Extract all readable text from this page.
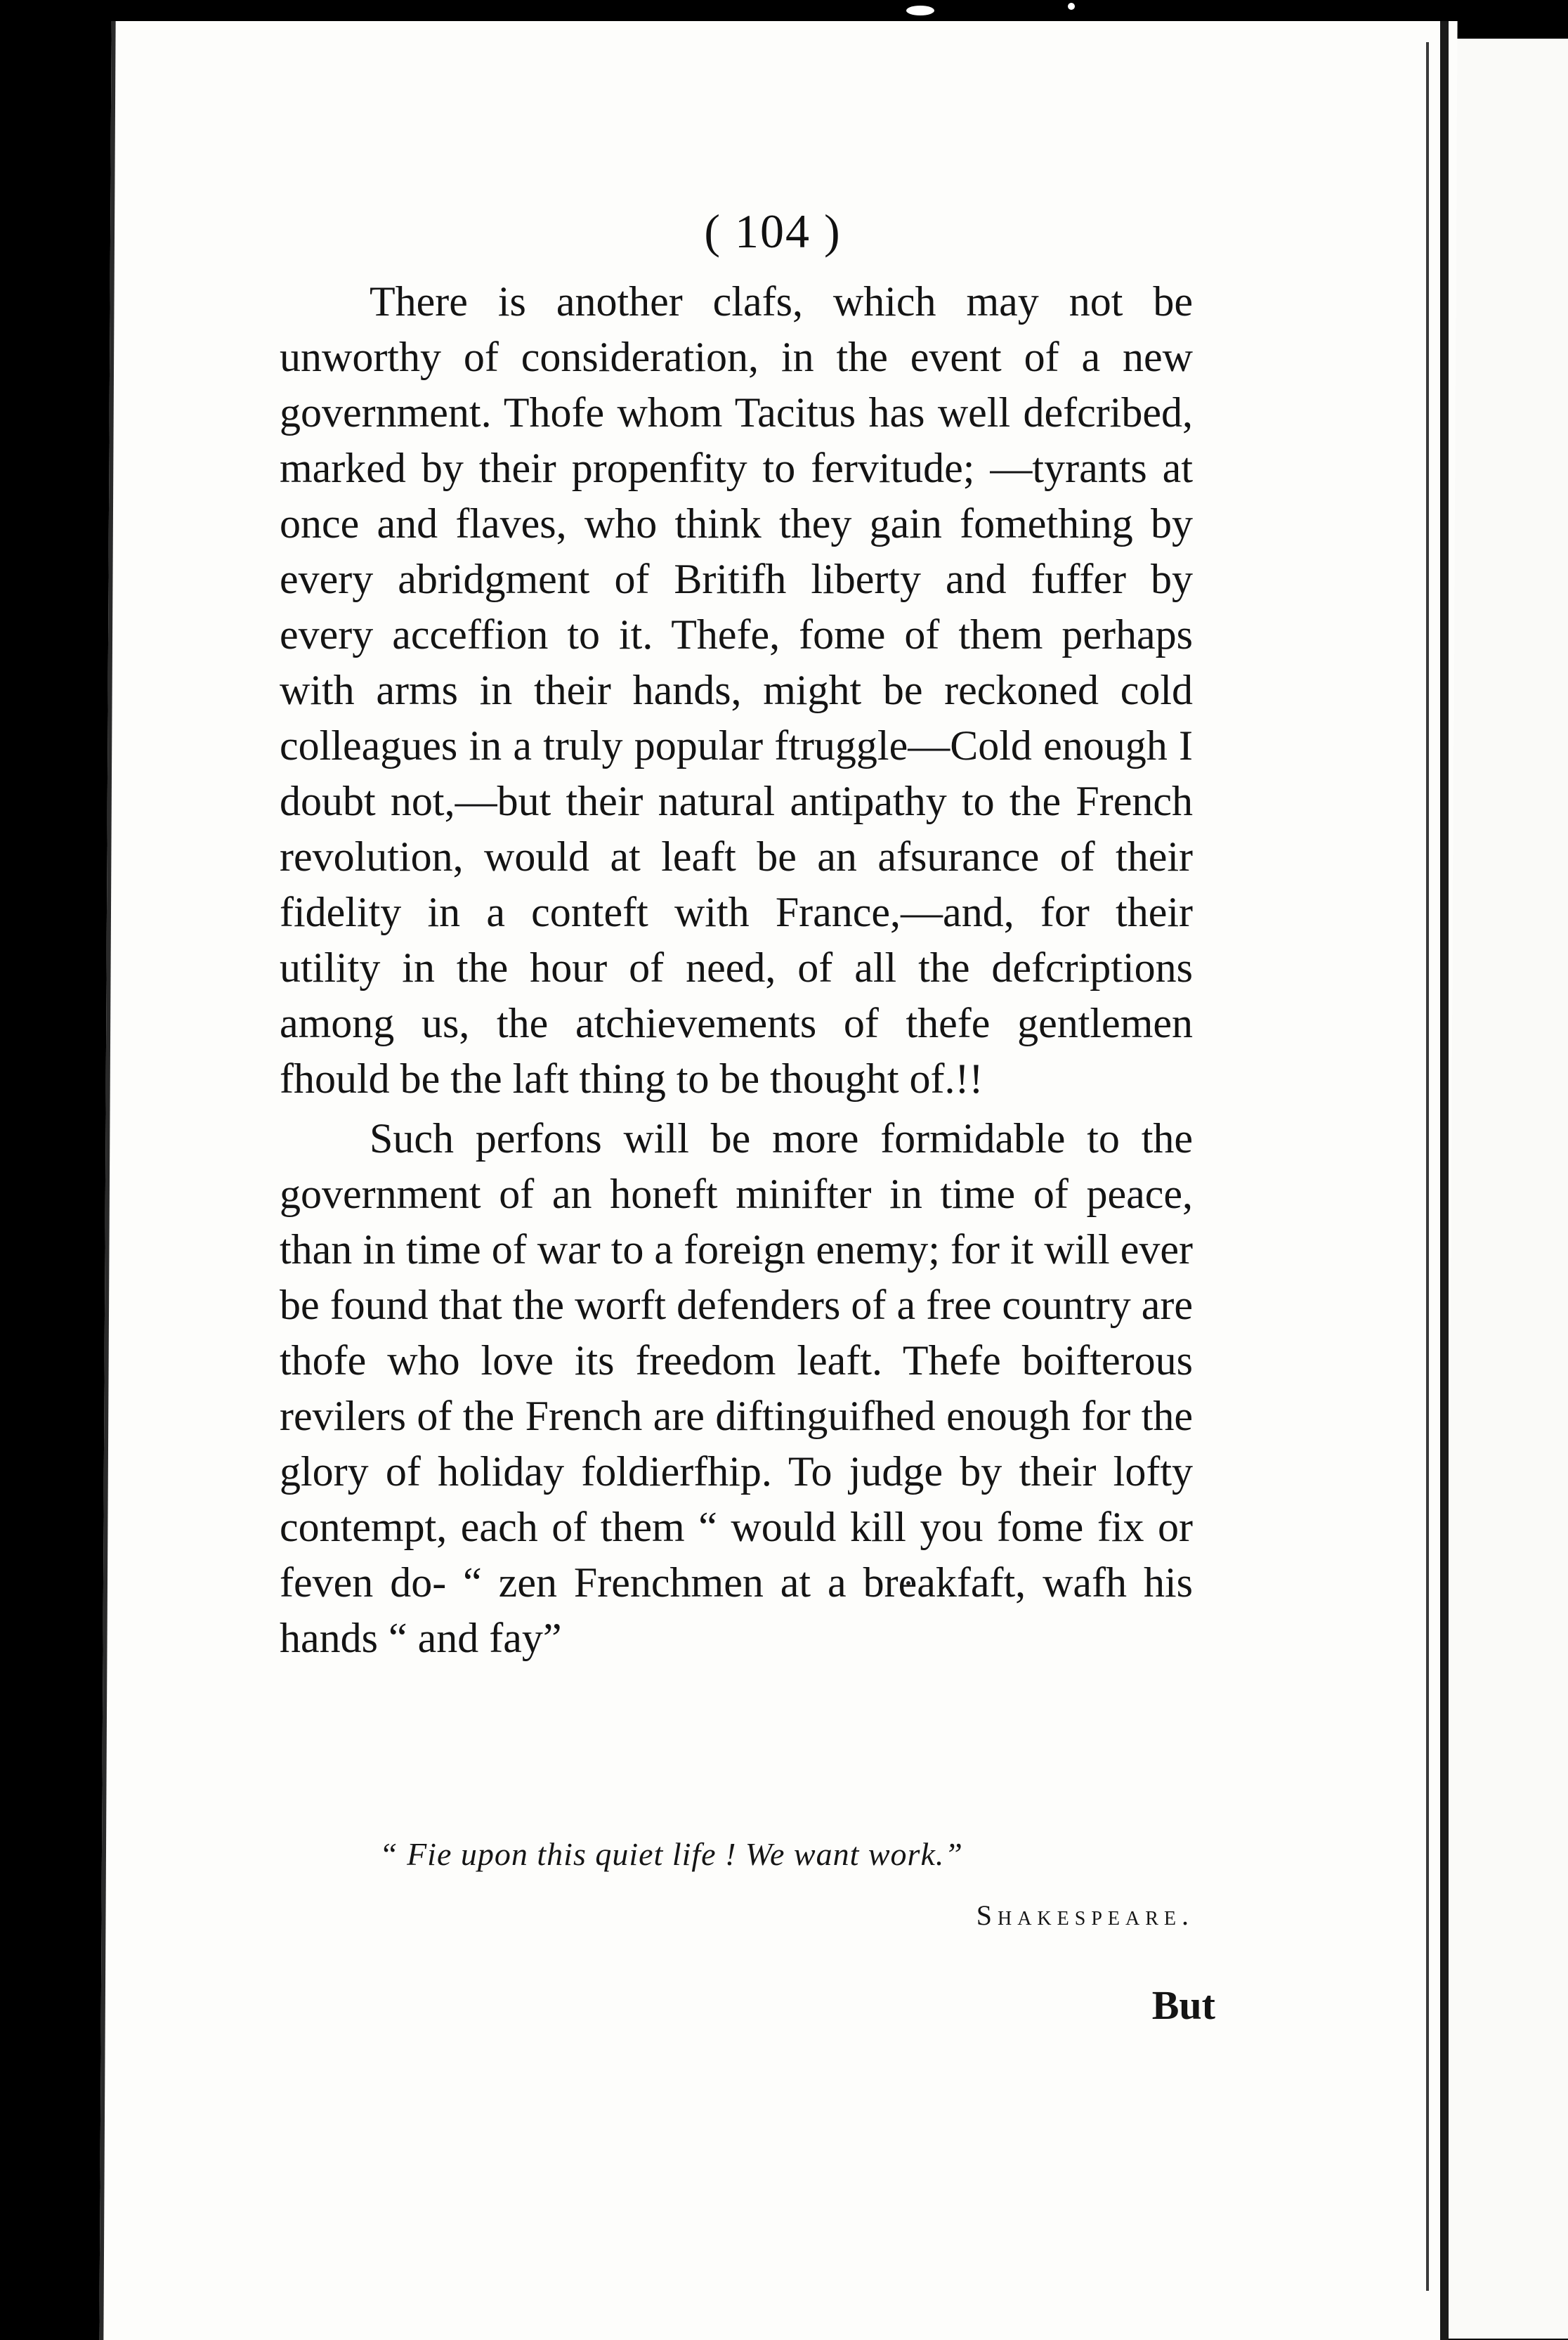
( 104 )

There is another clafs, which may not be unworthy of consideration, in the event of a new government. Thofe whom Tacitus has well defcribed, marked by their propenfity to fervitude; —tyrants at once and flaves, who think they gain fomething by every abridgment of Britifh liberty and fuffer by every acceffion to it. Thefe, fome of them perhaps with arms in their hands, might be reckoned cold colleagues in a truly popular ftruggle—Cold enough I doubt not,—but their natural antipathy to the French revolution, would at leaft be an afsurance of their fidelity in a conteft with France,—and, for their utility in the hour of need, of all the defcriptions among us, the atchievements of thefe gentlemen fhould be the laft thing to be thought of.!!

Such perfons will be more formidable to the government of an honeft minifter in time of peace, than in time of war to a foreign enemy; for it will ever be found that the worft defenders of a free country are thofe who love its freedom leaft. Thefe boifterous revilers of the French are diftinguifhed enough for the glory of holiday foldierfhip. To judge by their lofty contempt, each of them “ would kill you fome fix or feven do- “ zen Frenchmen at a breakfaft, wafh his hands “ and fay”

“ Fie upon this quiet life ! We want work.”
Shakespeare.
But
